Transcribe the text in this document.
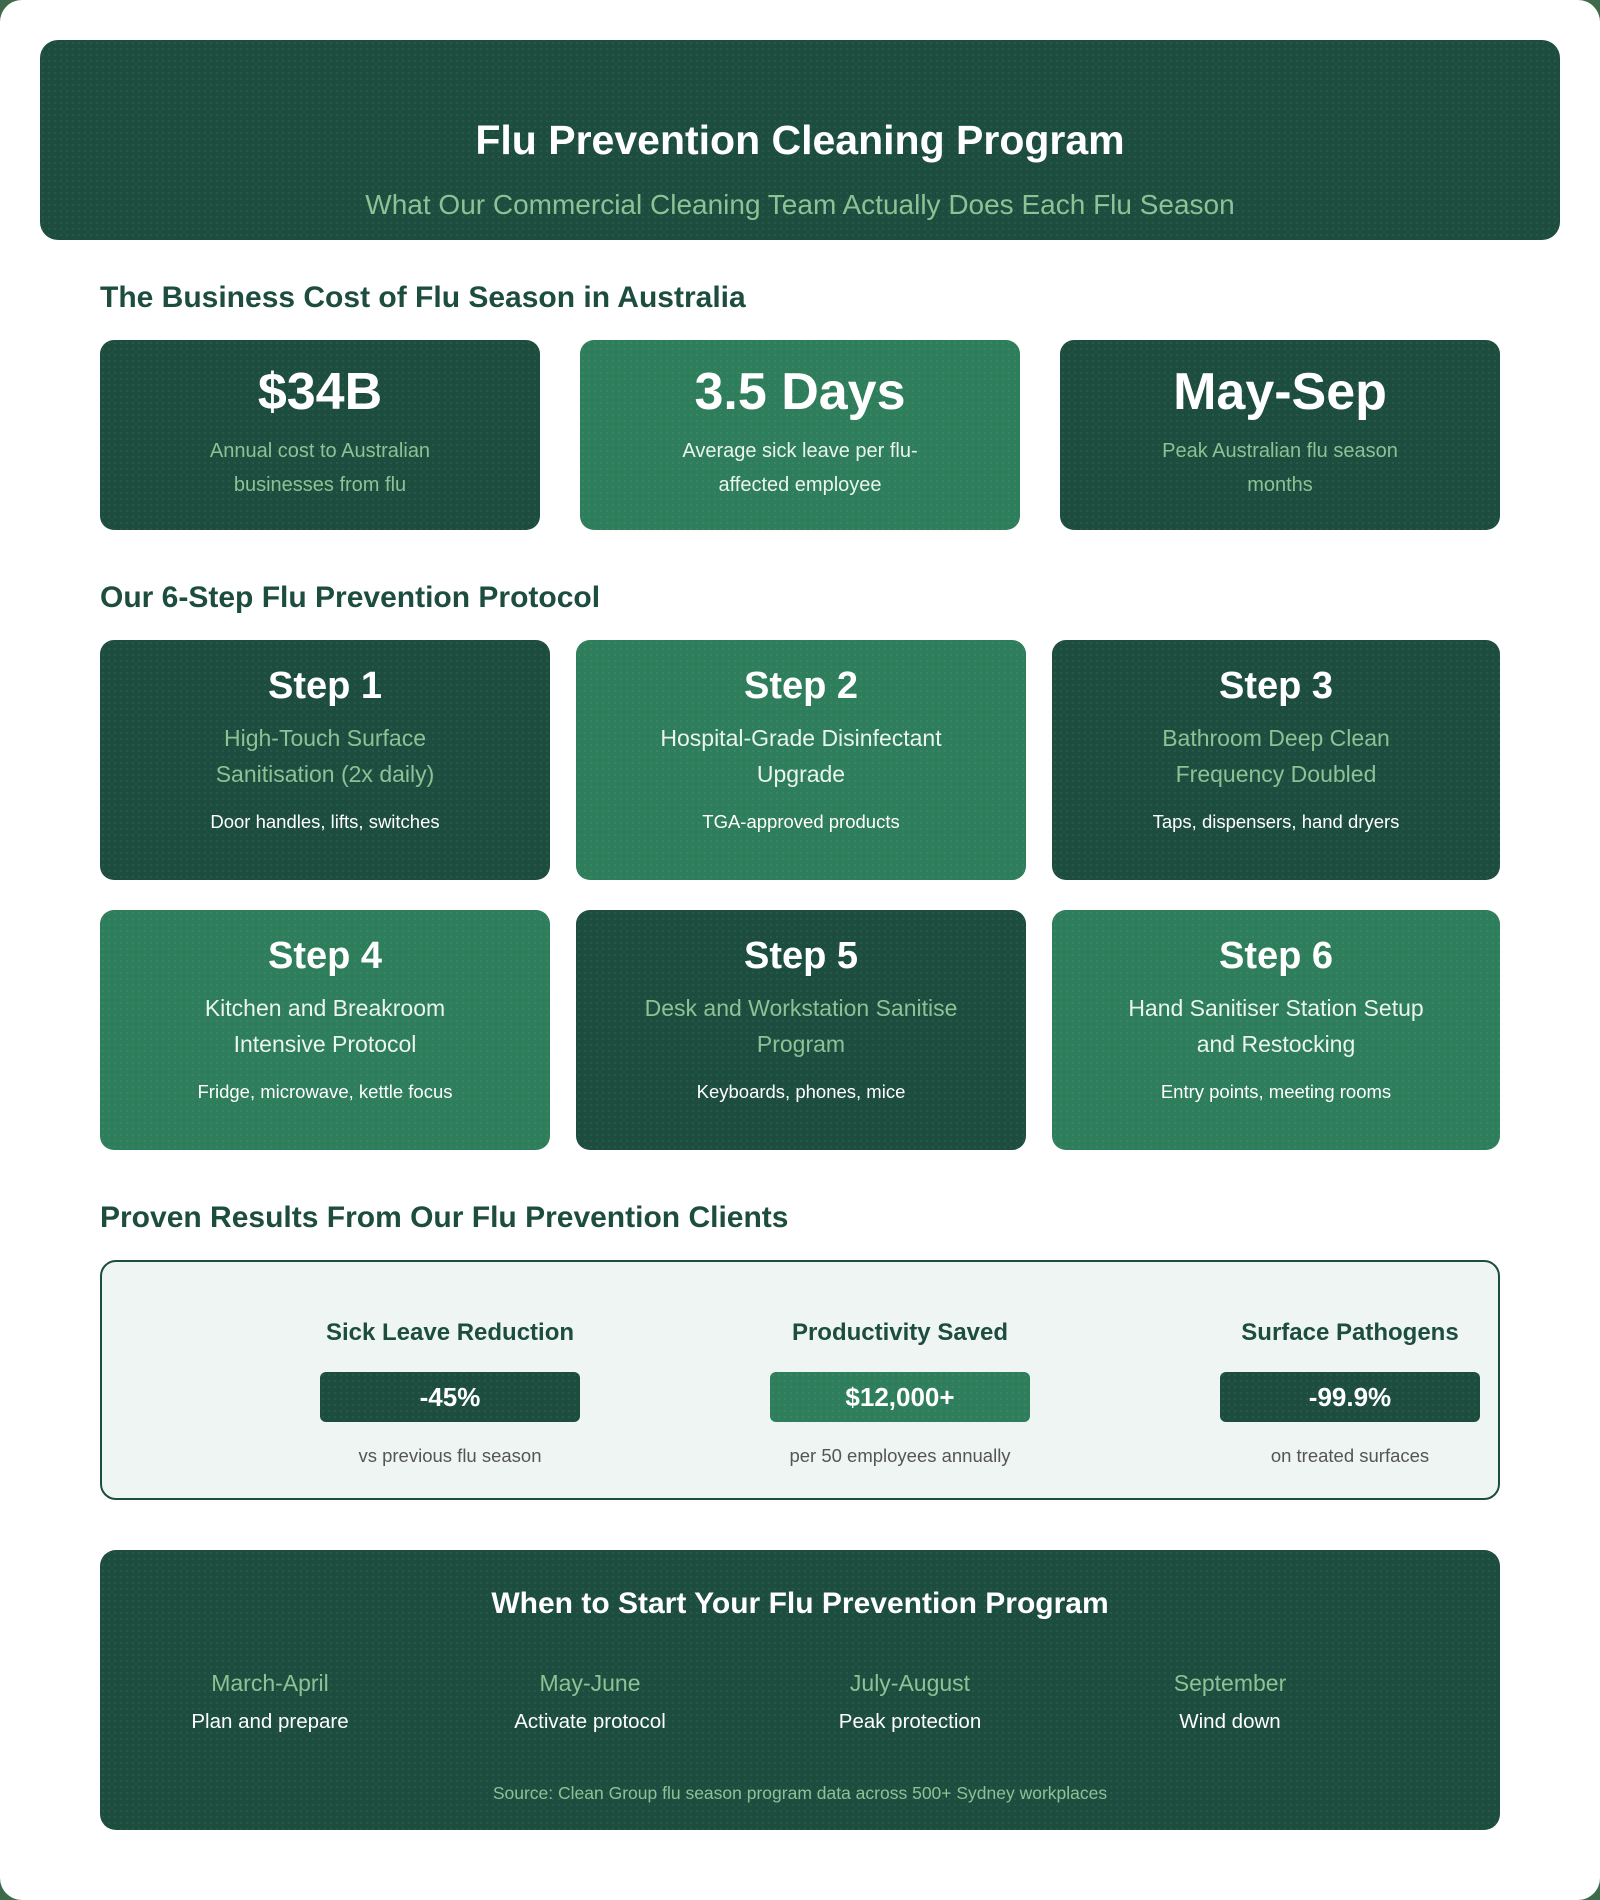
Flu Prevention Cleaning Program
What Our Commercial Cleaning Team Actually Does Each Flu Season
The Business Cost of Flu Season in Australia
$34B
Annual cost to Australian businesses from flu
3.5 Days
Average sick leave per flu-affected employee
May-Sep
Peak Australian flu season months
Our 6-Step Flu Prevention Protocol
Step 1
High-Touch Surface Sanitisation (2x daily)
Door handles, lifts, switches
Step 2
Hospital-Grade Disinfectant Upgrade
TGA-approved products
Step 3
Bathroom Deep Clean Frequency Doubled
Taps, dispensers, hand dryers
Step 4
Kitchen and Breakroom Intensive Protocol
Fridge, microwave, kettle focus
Step 5
Desk and Workstation Sanitise Program
Keyboards, phones, mice
Step 6
Hand Sanitiser Station Setup and Restocking
Entry points, meeting rooms
Proven Results From Our Flu Prevention Clients
Sick Leave Reduction
-45%
vs previous flu season
Productivity Saved
$12,000+
per 50 employees annually
Surface Pathogens
-99.9%
on treated surfaces
When to Start Your Flu Prevention Program
March-April
Plan and prepare
May-June
Activate protocol
July-August
Peak protection
September
Wind down
Source: Clean Group flu season program data across 500+ Sydney workplaces
